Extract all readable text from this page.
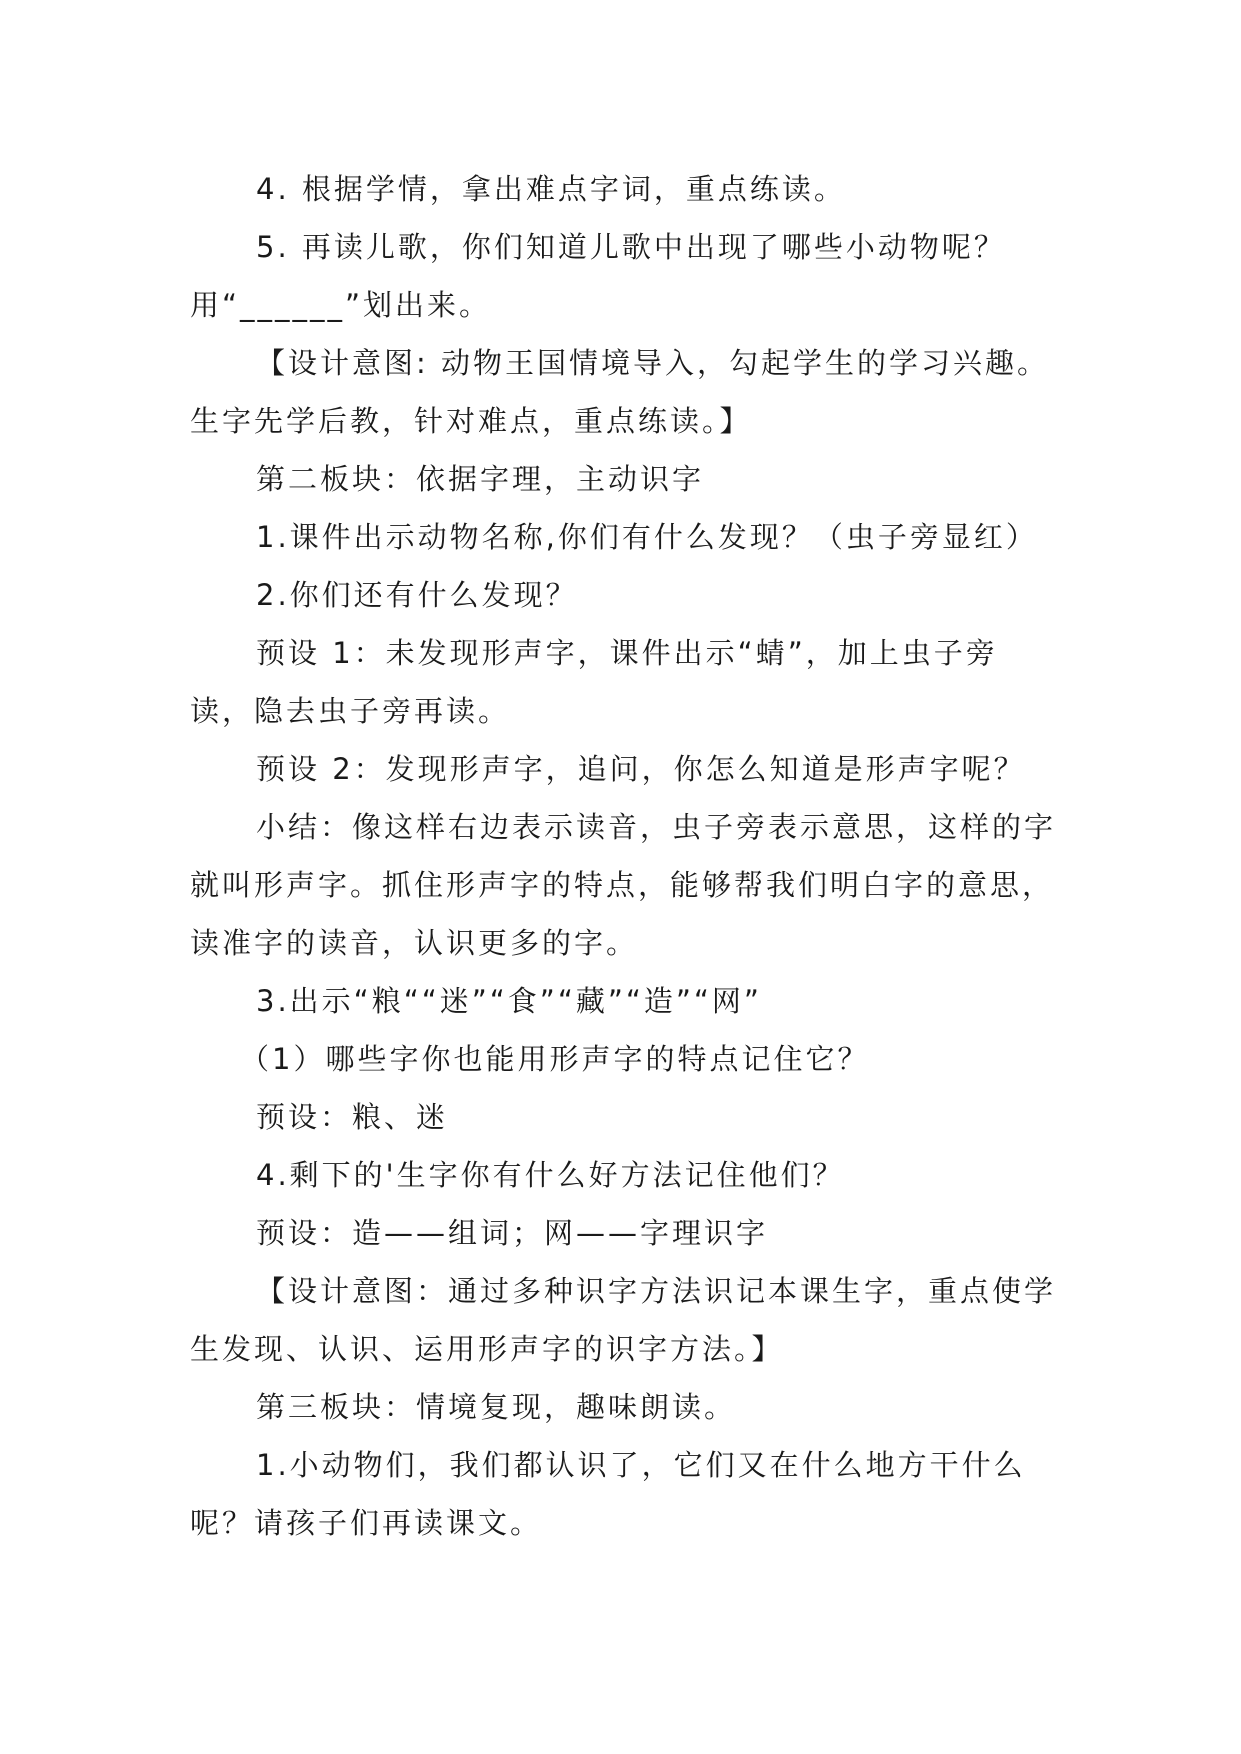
4. 根据学情，拿出难点字词，重点练读。

5. 再读儿歌，你们知道儿歌中出现了哪些小动物呢？用“______”划出来。

【设计意图: 动物王国情境导入，勾起学生的学习兴趣。生字先学后教，针对难点，重点练读。】

第二板块：依据字理，主动识字

1.课件出示动物名称,你们有什么发现？（虫子旁显红）

2.你们还有什么发现？

预设 1：未发现形声字，课件出示“蜻”，加上虫子旁读，隐去虫子旁再读。

预设 2：发现形声字，追问，你怎么知道是形声字呢？

小结：像这样右边表示读音，虫子旁表示意思，这样的字就叫形声字。抓住形声字的特点，能够帮我们明白字的意思，读准字的读音，认识更多的字。

3.出示“粮““迷”“食”“藏”“造”“网”

（1）哪些字你也能用形声字的特点记住它？

预设：粮、迷

4.剩下的'生字你有什么好方法记住他们？

预设：造——组词；网——字理识字

【设计意图：通过多种识字方法识记本课生字，重点使学生发现、认识、运用形声字的识字方法。】

第三板块：情境复现，趣味朗读。

1.小动物们，我们都认识了，它们又在什么地方干什么呢？请孩子们再读课文。
